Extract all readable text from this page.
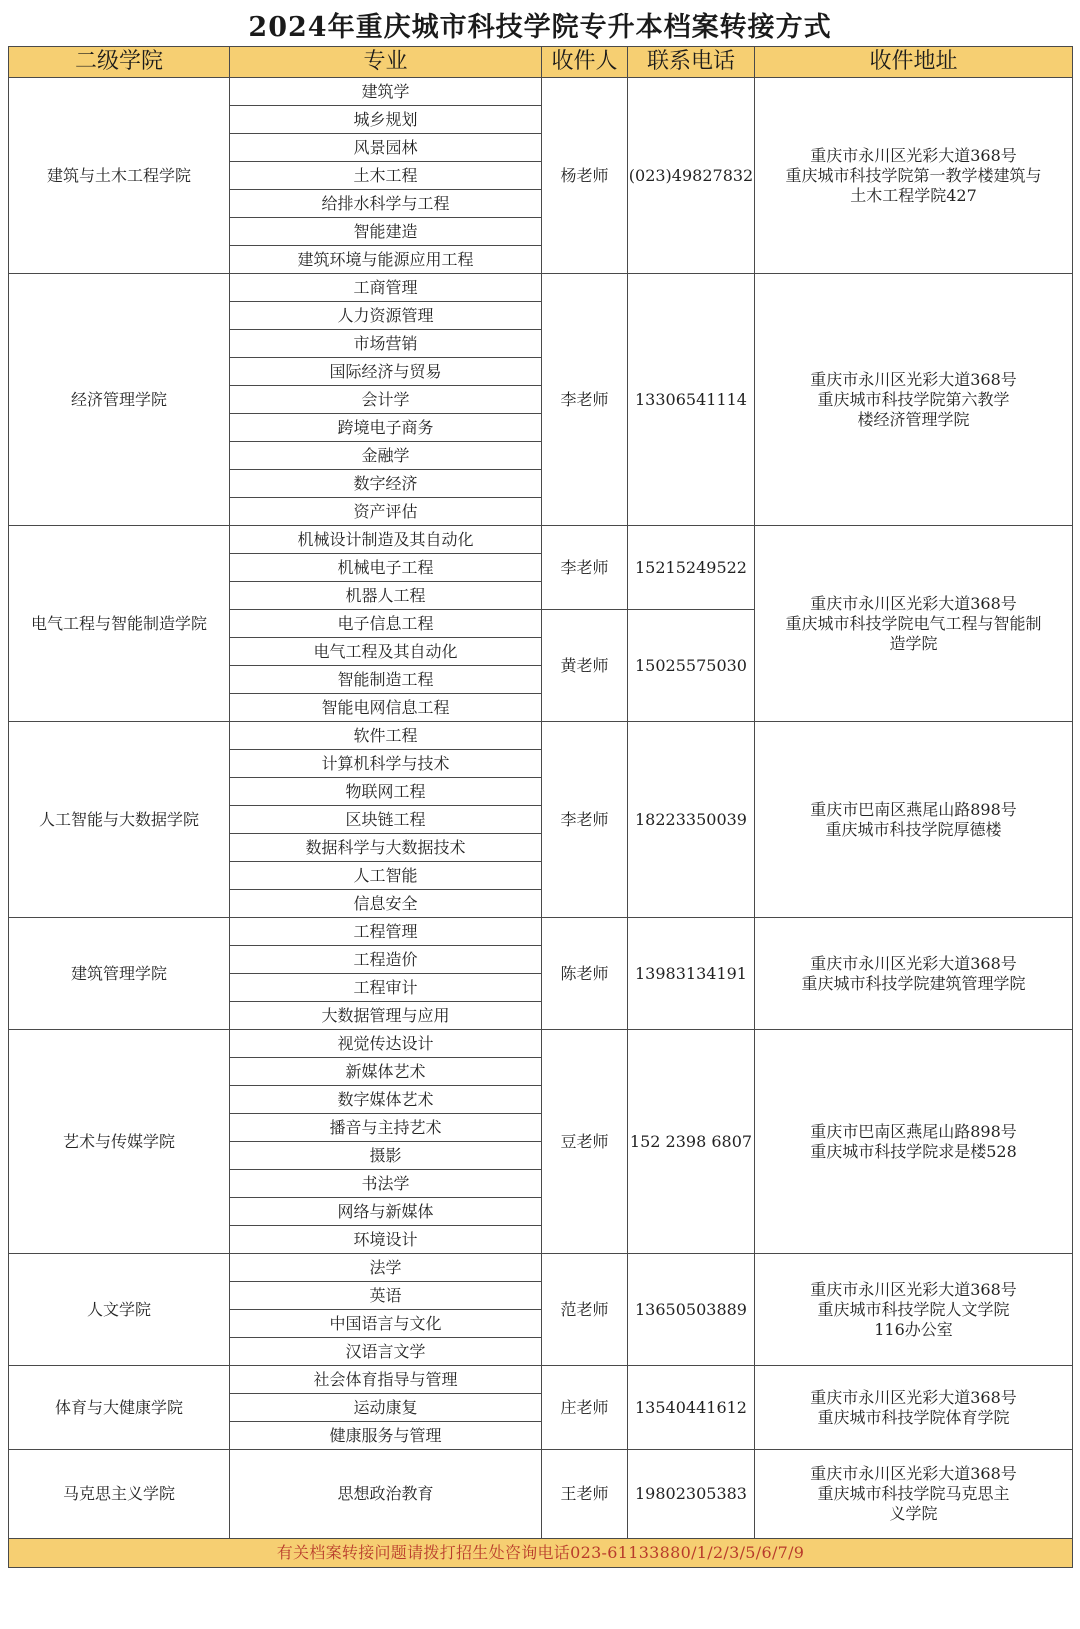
2024年重庆城市科技学院专升本档案转接方式
二级学院	专业	收件人	联系电话	收件地址
建筑与土木工程学院	建筑学	杨老师	(023)49827832	重庆市永川区光彩大道368号
重庆城市科技学院第一教学楼建筑与
土木工程学院427

	城乡规划			
	风景园林			
	土木工程			
	给排水科学与工程			
	智能建造			
	建筑环境与能源应用工程			
经济管理学院	工商管理	李老师	13306541114	重庆市永川区光彩大道368号
重庆城市科技学院第六教学
楼经济管理学院

	人力资源管理			
	市场营销			
	国际经济与贸易			
	会计学			
	跨境电子商务			
	金融学			
	数字经济			
	资产评估			
电气工程与智能制造学院	机械设计制造及其自动化	李老师	15215249522	重庆市永川区光彩大道368号
重庆城市科技学院电气工程与智能制
造学院

	机械电子工程			
	机器人工程			
	电子信息工程	黄老师	15025575030	
	电气工程及其自动化			
	智能制造工程			
	智能电网信息工程			
人工智能与大数据学院	软件工程	李老师	18223350039	重庆市巴南区燕尾山路898号
重庆城市科技学院厚德楼

	计算机科学与技术			
	物联网工程			
	区块链工程			
	数据科学与大数据技术			
	人工智能			
	信息安全			
建筑管理学院	工程管理	陈老师	13983134191	重庆市永川区光彩大道368号
重庆城市科技学院建筑管理学院

	工程造价			
	工程审计			
	大数据管理与应用			
艺术与传媒学院	视觉传达设计	豆老师	152 2398 6807	重庆市巴南区燕尾山路898号
重庆城市科技学院求是楼528

	新媒体艺术			
	数字媒体艺术			
	播音与主持艺术			
	摄影			
	书法学			
	网络与新媒体			
	环境设计			
人文学院	法学	范老师	13650503889	重庆市永川区光彩大道368号
重庆城市科技学院人文学院
116办公室

	英语			
	中国语言与文化			
	汉语言文学			
体育与大健康学院	社会体育指导与管理	庄老师	13540441612	重庆市永川区光彩大道368号
重庆城市科技学院体育学院

	运动康复			
	健康服务与管理			
马克思主义学院	思想政治教育	王老师	19802305383	重庆市永川区光彩大道368号
重庆城市科技学院马克思主
义学院

有关档案转接问题请拨打招生处咨询电话023-61133880/1/2/3/5/6/7/9				
